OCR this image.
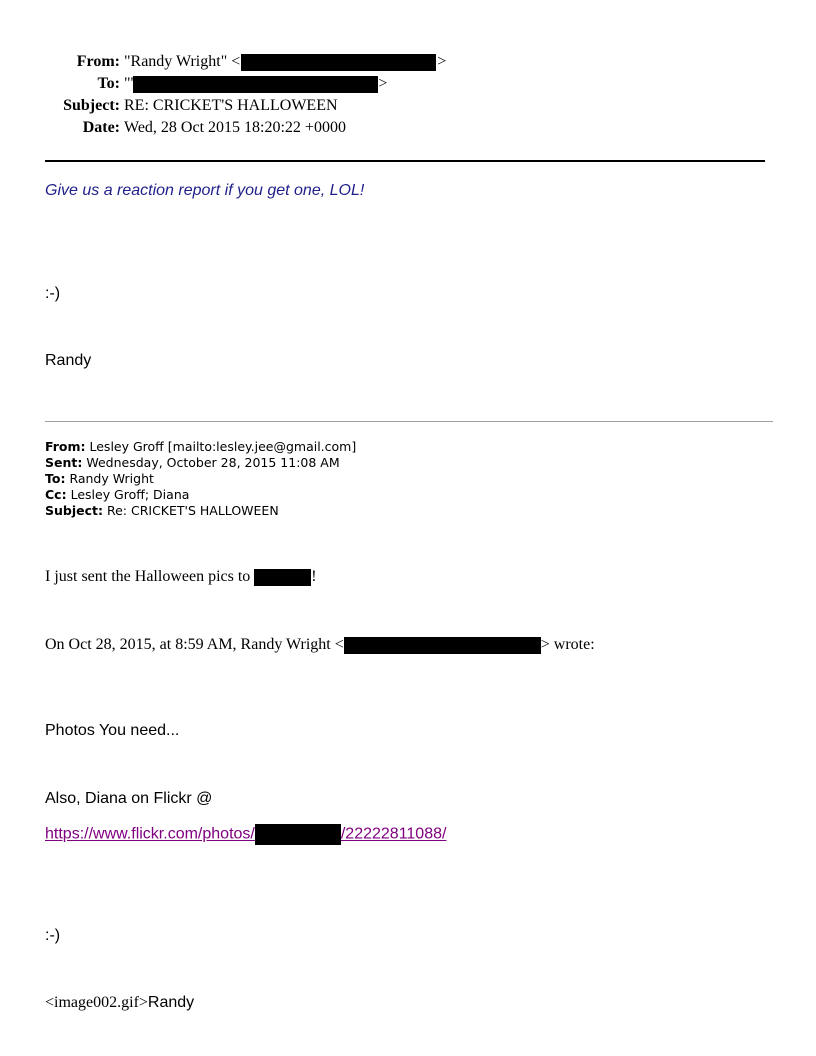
From: "Randy Wright" <	>
To: "'	>
Subject: RE: CRICKET'S HALLOWEEN
Date: Wed, 28 Oct 2015 18:20:22 +0000
Give us a reaction report if you get one, LOL!
:-)
Randy
From: Lesley Groff [mailto:lesley.jee@gmail.com]
Sent: Wednesday, October 28, 2015 11:08 AM
To: Randy Wright
Cc: Lesley Groff; Diana
Subject: Re: CRICKET'S HALLOWEEN
I just sent the Halloween pics to	!
On Oct 28, 2015, at 8:59 AM, Randy Wright <	> wrote:
Photos You need...
Also, Diana on Flickr @
https://www.flickr.com/photos/	/22222811088/
:-)
<image002.gif>Randy
